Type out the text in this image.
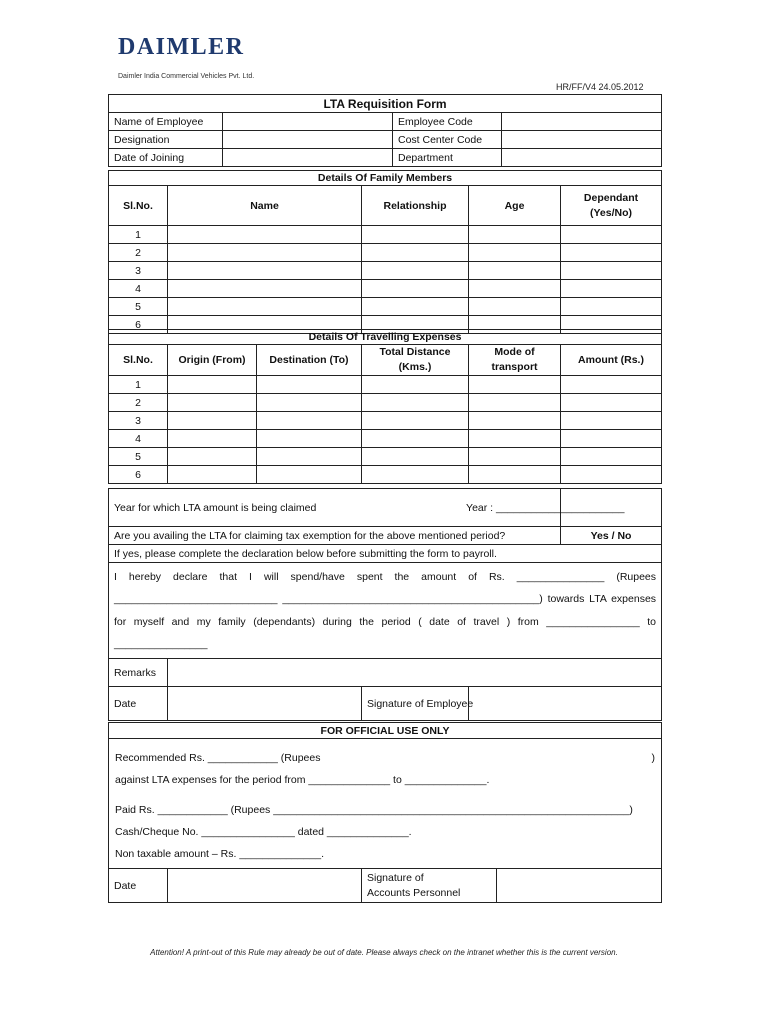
DAIMLER
Daimler India Commercial Vehicles Pvt. Ltd.
HR/FF/V4 24.05.2012
LTA Requisition Form			
Name of Employee		Employee Code	
Designation		Cost Center Code	
Date of Joining		Department	
Details Of Family Members				
Sl.No.	Name	Relationship	Age	Dependant (Yes/No)
1				
2				
3				
4				
5				
6				
Details Of Travelling Expenses					
Sl.No.	Origin (From)	Destination (To)	Total Distance (Kms.)	Mode of transport	Amount (Rs.)
1					
2					
3					
4					
5					
6					
Year for which LTA amount is being claimed				Year : ______________________
Are you availing the LTA for claiming tax exemption for the above mentioned period?				Yes / No
If yes, please complete the declaration below before submitting the form to payroll.				
I hereby declare that I will spend/have spent the amount of Rs. _______________ (Rupees ____________________________ ____________________________________________) towards LTA expenses for myself and my family (dependants) during the period ( date of travel ) from ________________ to ________________				
Remarks				
Date		Signature of Employee		
FOR OFFICIAL USE ONLY

Recommended Rs. ____________ (Rupees	)
against LTA expenses for the period from ______________ to ______________.
Paid Rs. ____________ (Rupees _____________________________________________________________)
Cash/Cheque No. ________________ dated ______________.
Non taxable amount – Rs. ______________.

Date		Signature of
Accounts Personnel	
Attention! A print-out of this Rule may already be out of date. Please always check on the intranet whether this is the current version.
